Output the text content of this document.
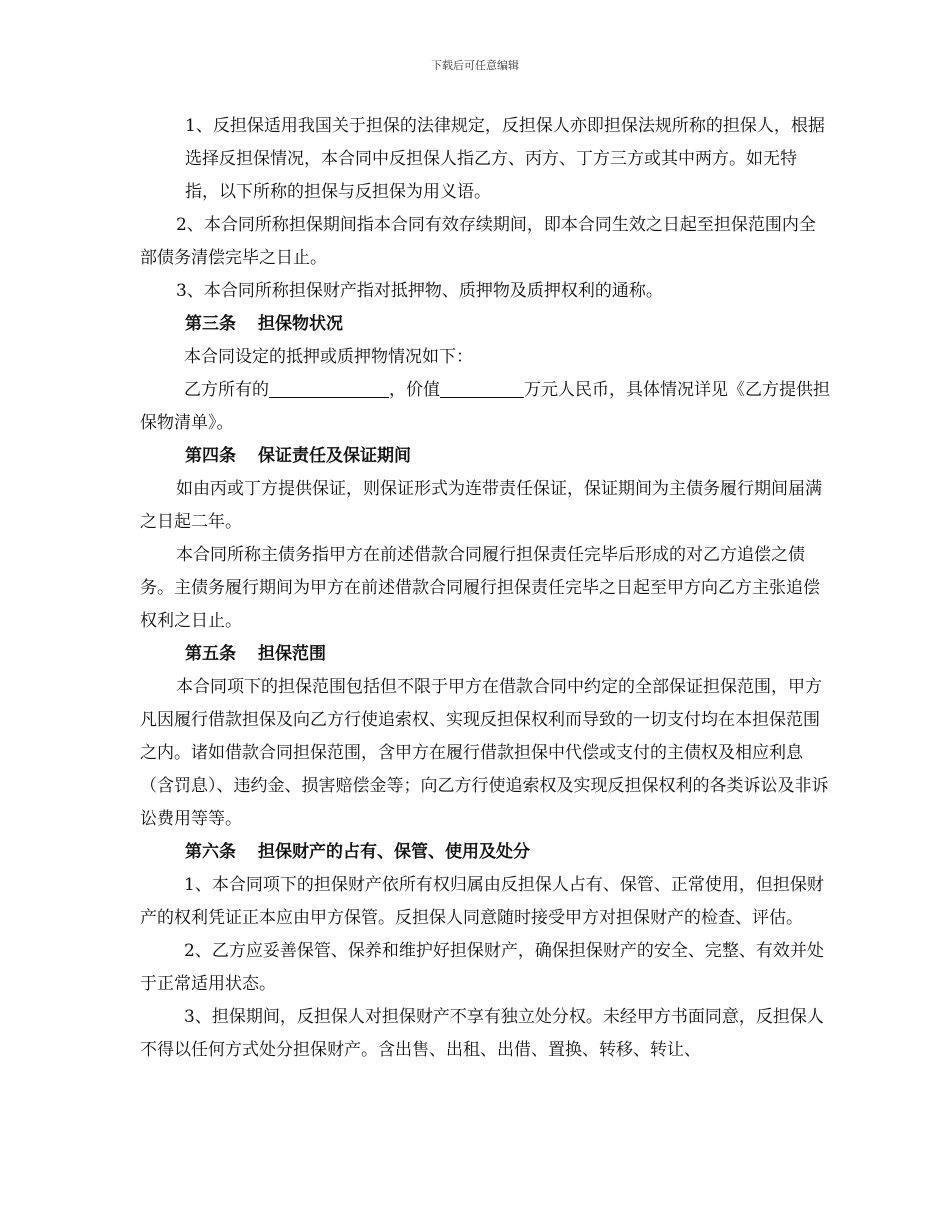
下载后可任意编辑

1、反担保适用我国关于担保的法律规定，反担保人亦即担保法规所称的担保人，根据选择反担保情况，本合同中反担保人指乙方、丙方、丁方三方或其中两方。如无特指，以下所称的担保与反担保为用义语。

2、本合同所称担保期间指本合同有效存续期间，即本合同生效之日起至担保范围内全部债务清偿完毕之日止。

3、本合同所称担保财产指对抵押物、质押物及质押权利的通称。

第三条 担保物状况

本合同设定的抵押或质押物情况如下：

乙方所有的	，价值	万元人民币，具体情况详见《乙方提供担保物清单》。

第四条 保证责任及保证期间

如由丙或丁方提供保证，则保证形式为连带责任保证，保证期间为主债务履行期间届满之日起二年。

本合同所称主债务指甲方在前述借款合同履行担保责任完毕后形成的对乙方追偿之债务。主债务履行期间为甲方在前述借款合同履行担保责任完毕之日起至甲方向乙方主张追偿权利之日止。

第五条 担保范围

本合同项下的担保范围包括但不限于甲方在借款合同中约定的全部保证担保范围，甲方凡因履行借款担保及向乙方行使追索权、实现反担保权利而导致的一切支付均在本担保范围之内。诸如借款合同担保范围，含甲方在履行借款担保中代偿或支付的主债权及相应利息（含罚息）、违约金、损害赔偿金等；向乙方行使追索权及实现反担保权利的各类诉讼及非诉讼费用等等。

第六条 担保财产的占有、保管、使用及处分

1、本合同项下的担保财产依所有权归属由反担保人占有、保管、正常使用，但担保财产的权利凭证正本应由甲方保管。反担保人同意随时接受甲方对担保财产的检查、评估。

2、乙方应妥善保管、保养和维护好担保财产，确保担保财产的安全、完整、有效并处于正常适用状态。

3、担保期间，反担保人对担保财产不享有独立处分权。未经甲方书面同意，反担保人不得以任何方式处分担保财产。含出售、出租、出借、置换、转移、转让、
